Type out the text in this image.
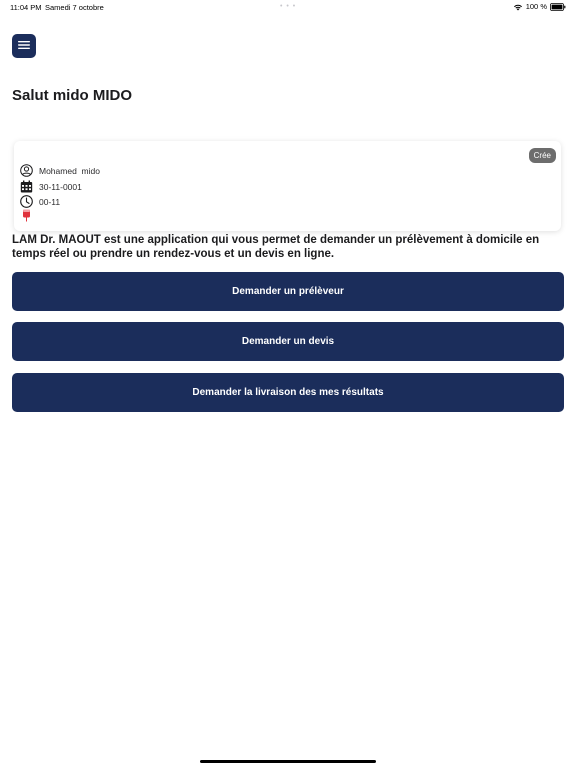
11:04 PM Samedi 7 octobre	• • •	100 %
Salut mido MIDO
Crée
Mohamed  mido
30-11-0001
00-11

LAM Dr. MAOUT est une application qui vous permet de demander un prélèvement à domicile en temps réel ou prendre un rendez-vous et un devis en ligne.

Demander un prélèveur
Demander un devis
Demander la livraison des mes résultats
